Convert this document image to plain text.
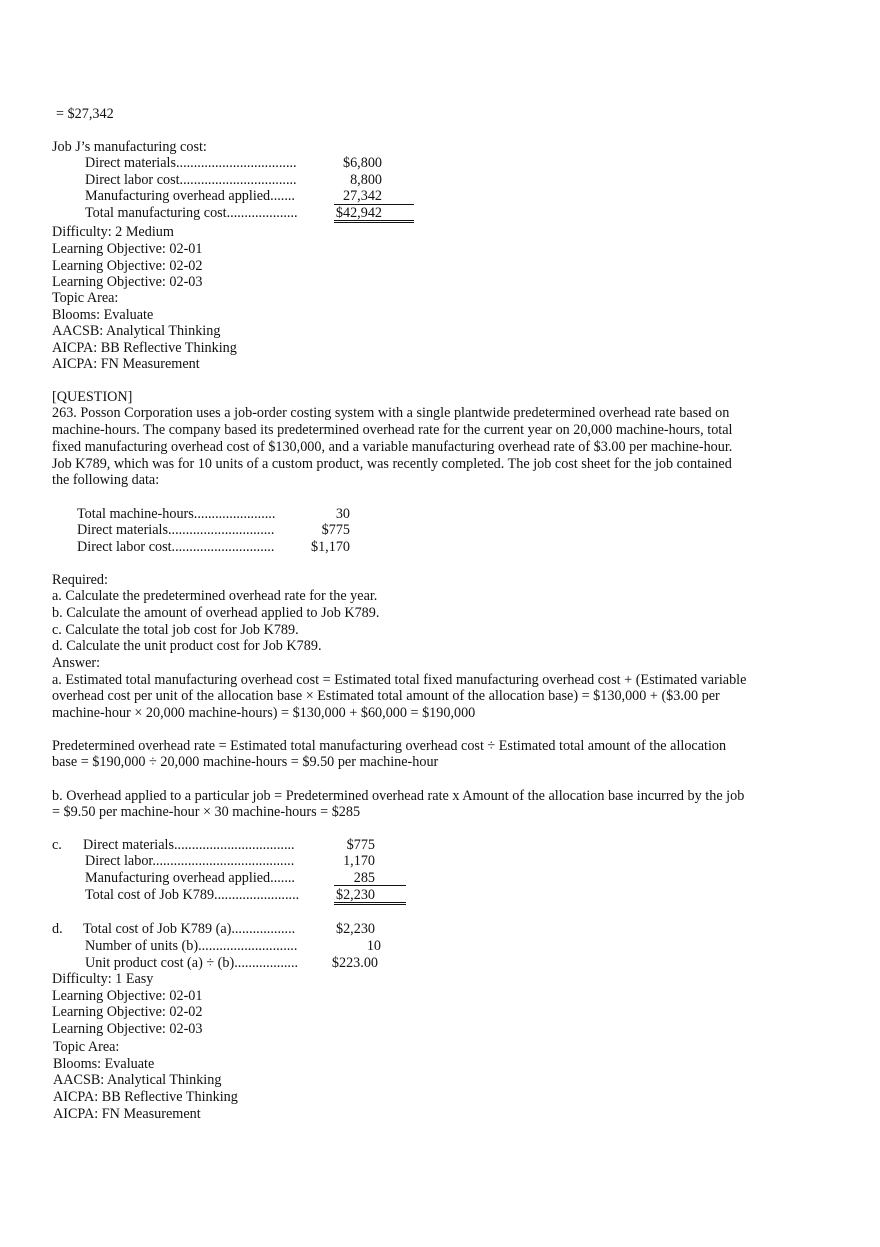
= $27,342
Job J’s manufacturing cost:
Direct materials..................................	$6,800
Direct labor cost.................................	8,800
Manufacturing overhead applied.......	27,342
Total manufacturing cost....................	$42,942
Difficulty: 2 Medium
Learning Objective: 02-01
Learning Objective: 02-02
Learning Objective: 02-03
Topic Area:
Blooms: Evaluate
AACSB: Analytical Thinking
AICPA: BB Reflective Thinking
AICPA: FN Measurement
[QUESTION]
263. Posson Corporation uses a job-order costing system with a single plantwide predetermined overhead rate based on
machine-hours. The company based its predetermined overhead rate for the current year on 20,000 machine-hours, total
fixed manufacturing overhead cost of $130,000, and a variable manufacturing overhead rate of $3.00 per machine-hour.
Job K789, which was for 10 units of a custom product, was recently completed. The job cost sheet for the job contained
the following data:
Total machine-hours.......................	30
Direct materials..............................	$775
Direct labor cost.............................	$1,170
Required:
a. Calculate the predetermined overhead rate for the year.
b. Calculate the amount of overhead applied to Job K789.
c. Calculate the total job cost for Job K789.
d. Calculate the unit product cost for Job K789.
Answer:
a. Estimated total manufacturing overhead cost = Estimated total fixed manufacturing overhead cost + (Estimated variable
overhead cost per unit of the allocation base × Estimated total amount of the allocation base) = $130,000 + ($3.00 per
machine-hour × 20,000 machine-hours) = $130,000 + $60,000 = $190,000
Predetermined overhead rate = Estimated total manufacturing overhead cost ÷ Estimated total amount of the allocation
base = $190,000 ÷ 20,000 machine-hours = $9.50 per machine-hour
b. Overhead applied to a particular job = Predetermined overhead rate x Amount of the allocation base incurred by the job
= $9.50 per machine-hour × 30 machine-hours = $285
c. Direct materials..................................	$775
Direct labor........................................	1,170
Manufacturing overhead applied.......	285
Total cost of Job K789........................	$2,230
d. Total cost of Job K789 (a)..................	$2,230
Number of units (b)............................	10
Unit product cost (a) ÷ (b)..................	$223.00
Difficulty: 1 Easy
Learning Objective: 02-01
Learning Objective: 02-02
Learning Objective: 02-03
Topic Area:
Blooms: Evaluate
AACSB: Analytical Thinking
AICPA: BB Reflective Thinking
AICPA: FN Measurement
